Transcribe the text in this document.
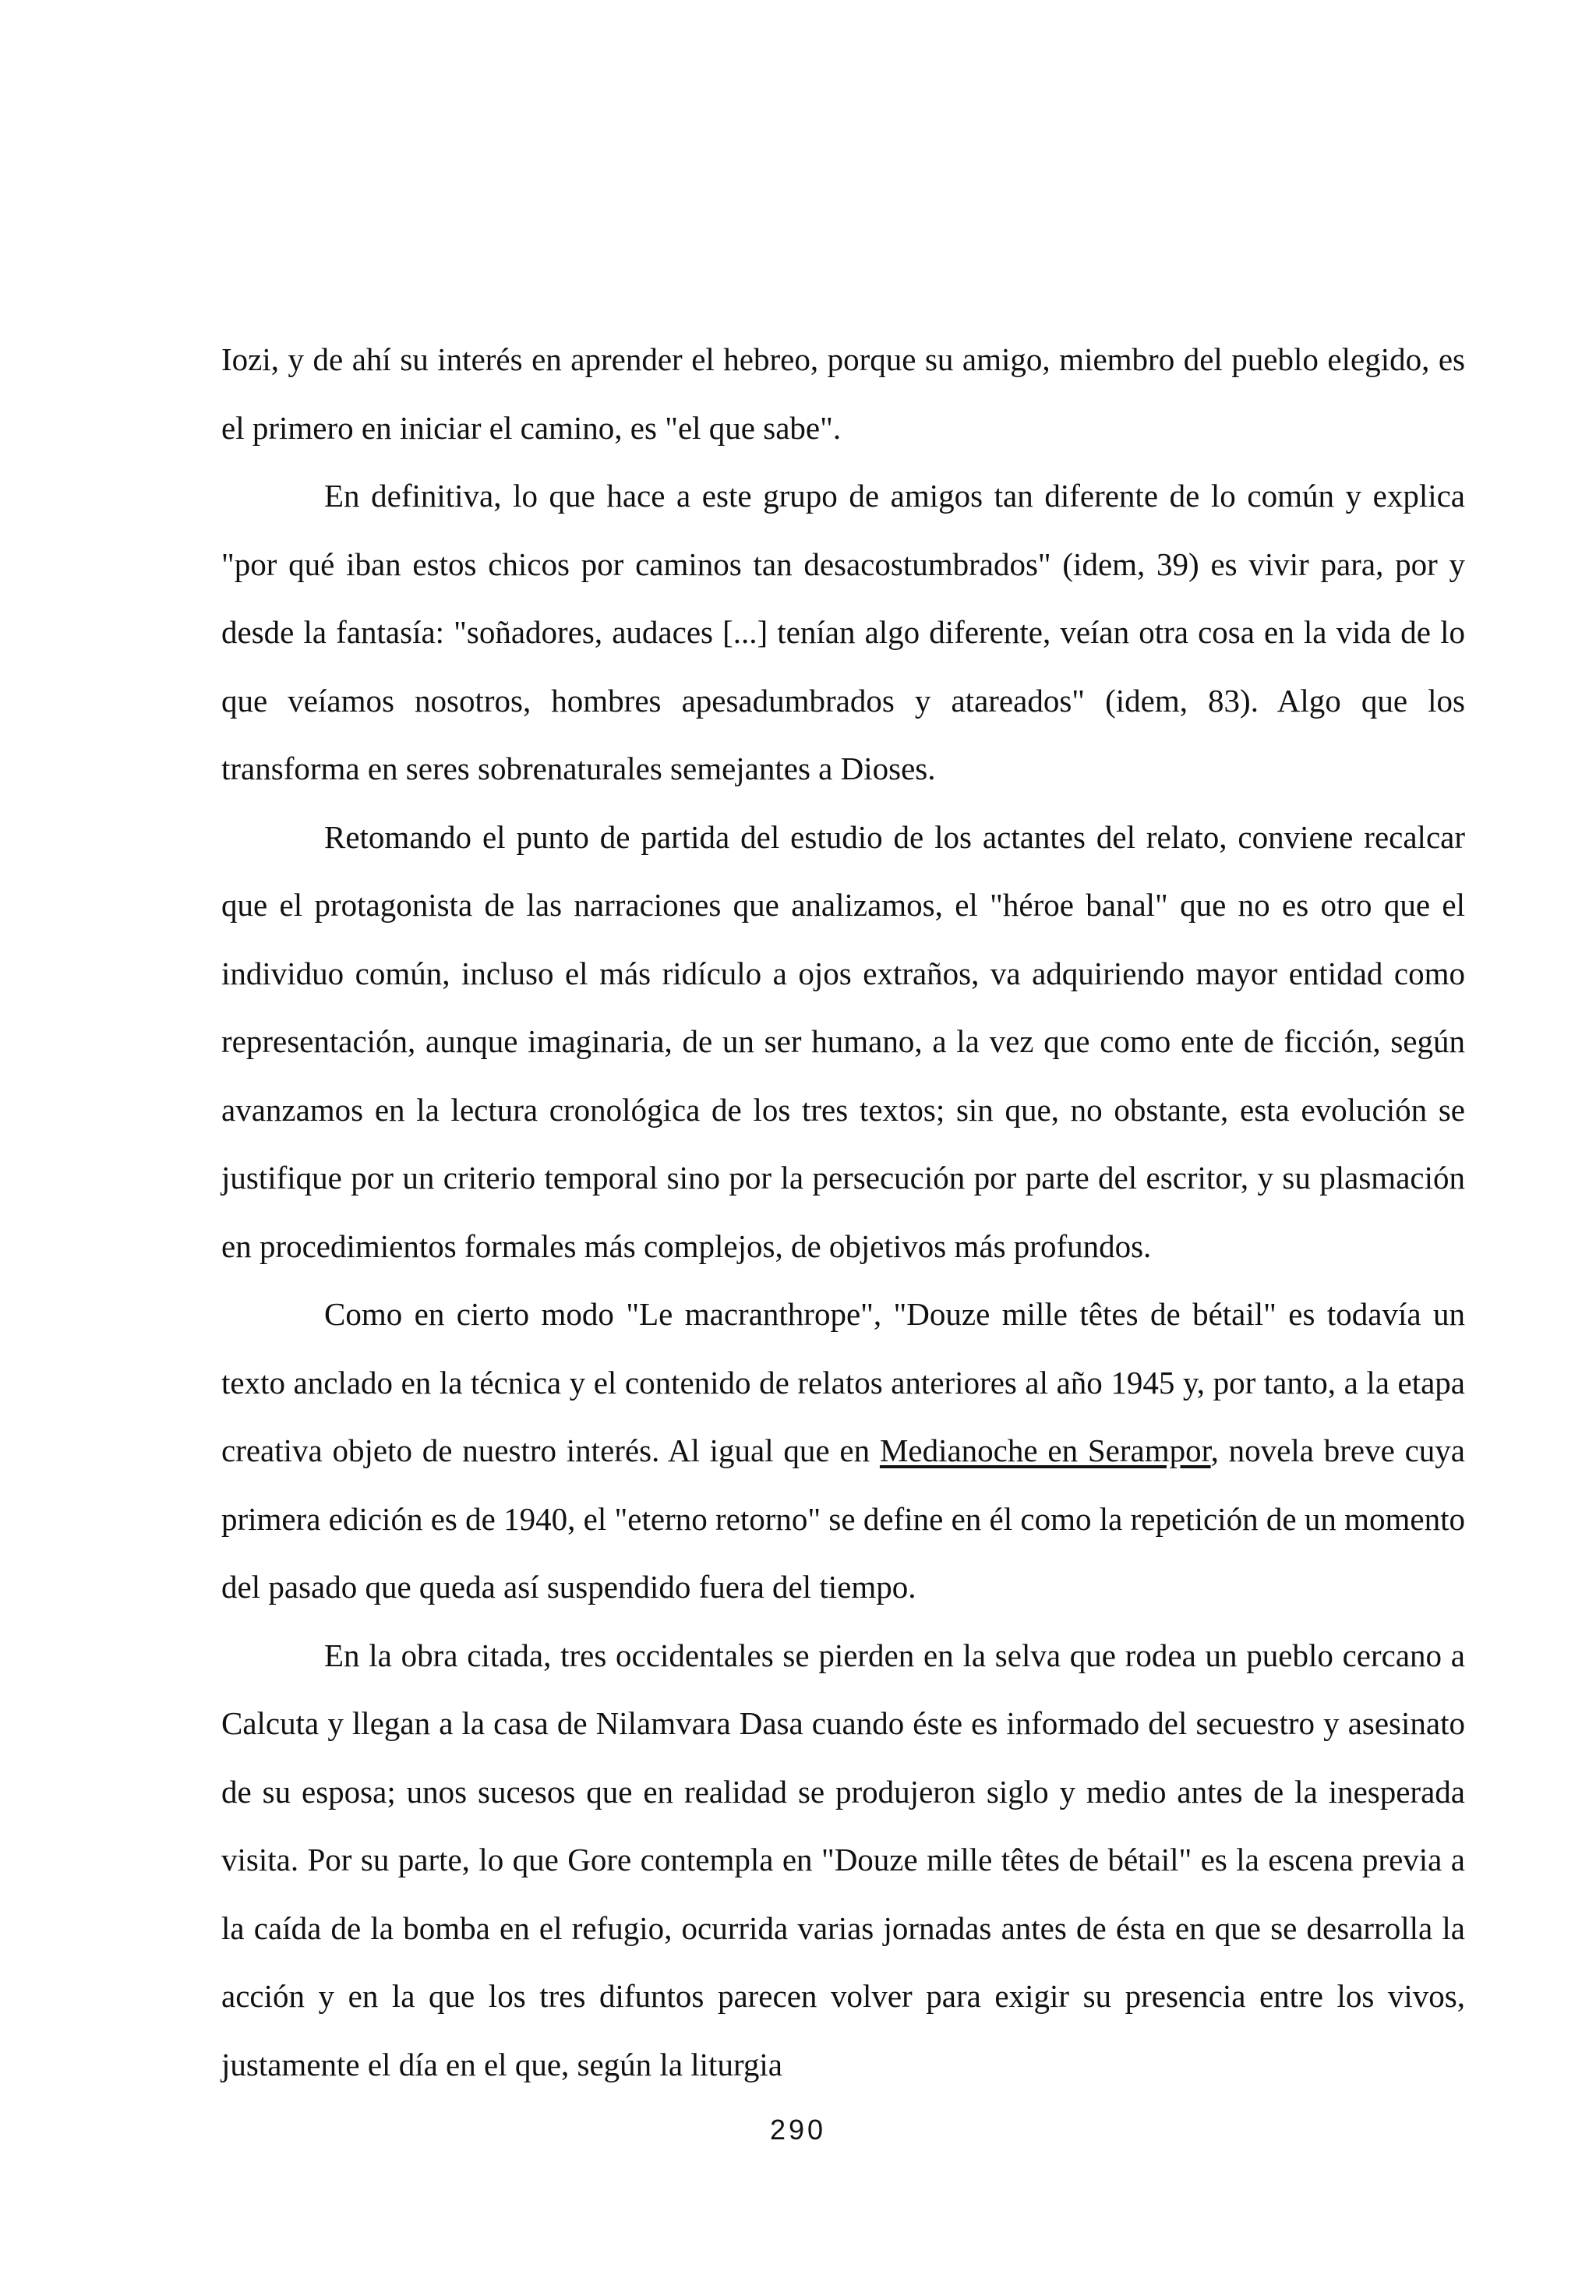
Iozi, y de ahí su interés en aprender el hebreo, porque su amigo, miembro del pueblo elegido, es el primero en iniciar el camino, es "el que sabe".

En definitiva, lo que hace a este grupo de amigos tan diferente de lo común y explica "por qué iban estos chicos por caminos tan desacostumbrados" (idem, 39) es vivir para, por y desde la fantasía: "soñadores, audaces [...] tenían algo diferente, veían otra cosa en la vida de lo que veíamos nosotros, hombres apesadumbrados y atareados" (idem, 83). Algo que los transforma en seres sobrenaturales semejantes a Dioses.

Retomando el punto de partida del estudio de los actantes del relato, conviene recalcar que el protagonista de las narraciones que analizamos, el "héroe banal" que no es otro que el individuo común, incluso el más ridículo a ojos extraños, va adquiriendo mayor entidad como representación, aunque imaginaria, de un ser humano, a la vez que como ente de ficción, según avanzamos en la lectura cronológica de los tres textos; sin que, no obstante, esta evolución se justifique por un criterio temporal sino por la persecución por parte del escritor, y su plasmación en procedimientos formales más complejos, de objetivos más profundos.

Como en cierto modo "Le macranthrope", "Douze mille têtes de bétail" es todavía un texto anclado en la técnica y el contenido de relatos anteriores al año 1945 y, por tanto, a la etapa creativa objeto de nuestro interés. Al igual que en Medianoche en Serampor, novela breve cuya primera edición es de 1940, el "eterno retorno" se define en él como la repetición de un momento del pasado que queda así suspendido fuera del tiempo.

En la obra citada, tres occidentales se pierden en la selva que rodea un pueblo cercano a Calcuta y llegan a la casa de Nilamvara Dasa cuando éste es informado del secuestro y asesinato de su esposa; unos sucesos que en realidad se produjeron siglo y medio antes de la inesperada visita. Por su parte, lo que Gore contempla en "Douze mille têtes de bétail" es la escena previa a la caída de la bomba en el refugio, ocurrida varias jornadas antes de ésta en que se desarrolla la acción y en la que los tres difuntos parecen volver para exigir su presencia entre los vivos, justamente el día en el que, según la liturgia

290
